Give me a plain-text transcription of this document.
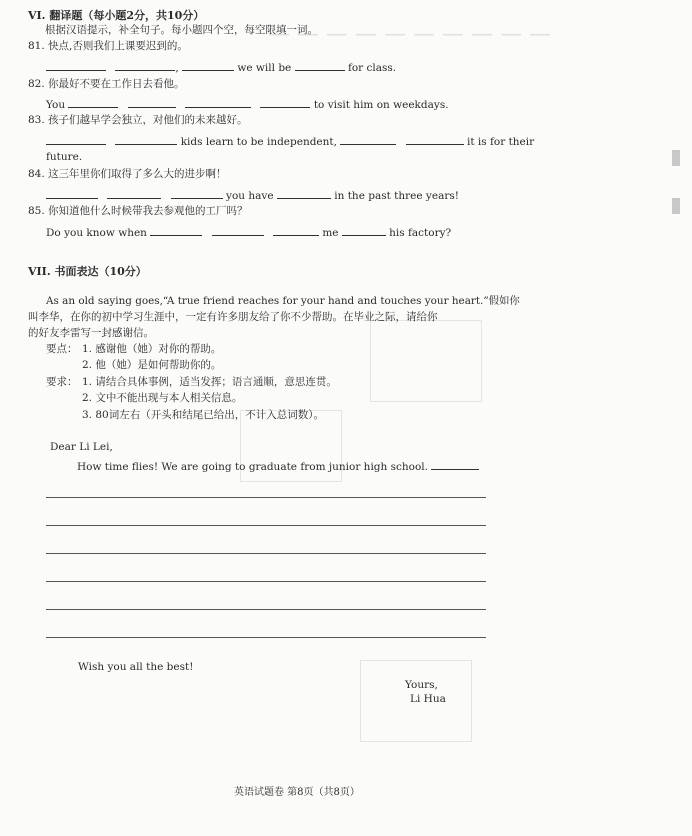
— — — — — — — — — —
VI. 翻译题（每小题2分，共10分）
根据汉语提示，补全句子。每小题四个空，每空限填一词。
81. 快点,否则我们上课要迟到的。
,	we will be	for class.
82. 你最好不要在工作日去看他。
You	to visit him on weekdays.
83. 孩子们越早学会独立，对他们的未来越好。
kids learn to be independent,	it is for their
future.
84. 这三年里你们取得了多么大的进步啊！
you have	in the past three years!
85. 你知道他什么时候带我去参观他的工厂吗？
Do you know when	me	his factory?
VII. 书面表达（10分）
As an old saying goes,“A true friend reaches for your hand and touches your heart.”假如你
叫李华，在你的初中学习生涯中，一定有许多朋友给了你不少帮助。在毕业之际，请给你
的好友李雷写一封感谢信。
要点： 1. 感谢他（她）对你的帮助。
2. 他（她）是如何帮助你的。
要求： 1. 请结合具体事例，适当发挥；语言通顺，意思连贯。
2. 文中不能出现与本人相关信息。
3. 80词左右（开头和结尾已给出，不计入总词数）。
Dear Li Lei,
How time flies! We are going to graduate from junior high school.
Wish you all the best!
Yours,
Li Hua
英语试题卷 第8页（共8页）
